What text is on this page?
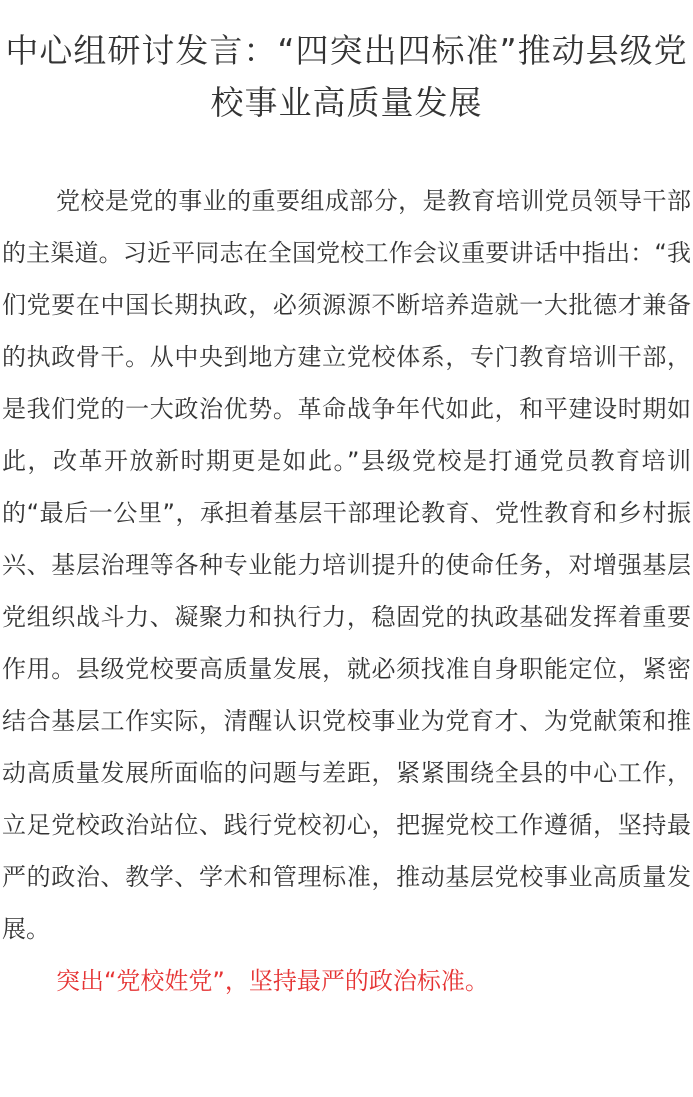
中心组研讨发言：“四突出四标准”推动县级党校事业高质量发展

党校是党的事业的重要组成部分，是教育培训党员领导干部的主渠道。习近平同志在全国党校工作会议重要讲话中指出：“我们党要在中国长期执政，必须源源不断培养造就一大批德才兼备的执政骨干。从中央到地方建立党校体系，专门教育培训干部，是我们党的一大政治优势。革命战争年代如此，和平建设时期如此，改革开放新时期更是如此。”县级党校是打通党员教育培训的“最后一公里”，承担着基层干部理论教育、党性教育和乡村振兴、基层治理等各种专业能力培训提升的使命任务，对增强基层党组织战斗力、凝聚力和执行力，稳固党的执政基础发挥着重要作用。县级党校要高质量发展，就必须找准自身职能定位，紧密结合基层工作实际，清醒认识党校事业为党育才、为党献策和推动高质量发展所面临的问题与差距，紧紧围绕全县的中心工作，立足党校政治站位、践行党校初心，把握党校工作遵循，坚持最严的政治、教学、学术和管理标准，推动基层党校事业高质量发展。

突出“党校姓党”，坚持最严的政治标准。
